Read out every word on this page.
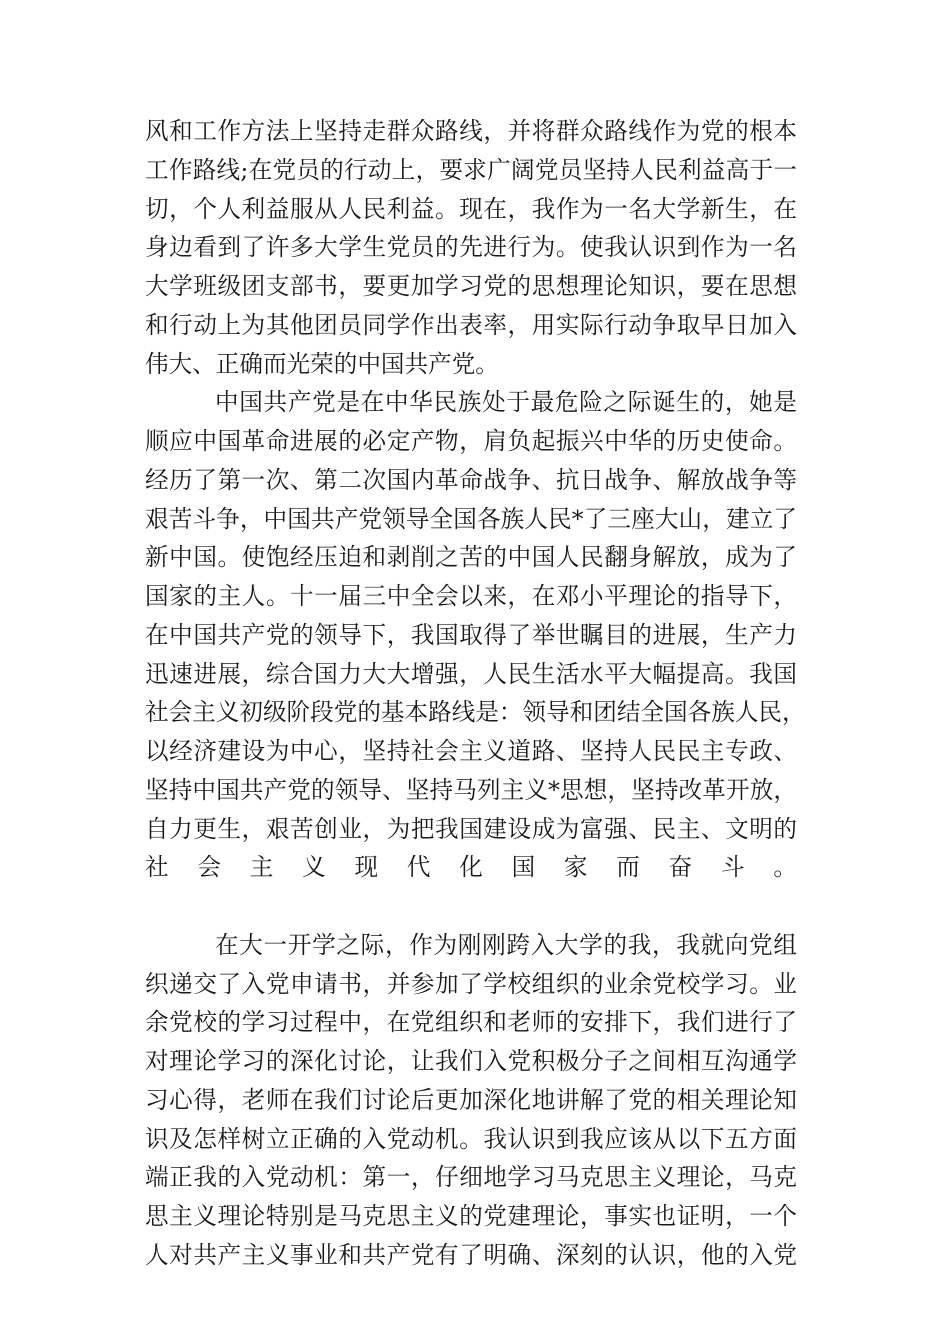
风和工作方法上坚持走群众路线，并将群众路线作为党的根本
工作路线;在党员的行动上，要求广阔党员坚持人民利益高于一
切，个人利益服从人民利益。现在，我作为一名大学新生，在
身边看到了许多大学生党员的先进行为。使我认识到作为一名
大学班级团支部书，要更加学习党的思想理论知识，要在思想
和行动上为其他团员同学作出表率，用实际行动争取早日加入
伟大、正确而光荣的中国共产党。
中国共产党是在中华民族处于最危险之际诞生的，她是
顺应中国革命进展的必定产物，肩负起振兴中华的历史使命。
经历了第一次、第二次国内革命战争、抗日战争、解放战争等
艰苦斗争，中国共产党领导全国各族人民*了三座大山，建立了
新中国。使饱经压迫和剥削之苦的中国人民翻身解放，成为了
国家的主人。十一届三中全会以来，在邓小平理论的指导下，
在中国共产党的领导下，我国取得了举世瞩目的进展，生产力
迅速进展，综合国力大大增强，人民生活水平大幅提高。我国
社会主义初级阶段党的基本路线是：领导和团结全国各族人民，
以经济建设为中心，坚持社会主义道路、坚持人民民主专政、
坚持中国共产党的领导、坚持马列主义*思想，坚持改革开放，
自力更生，艰苦创业，为把我国建设成为富强、民主、文明的
社会主义现代化国家而奋斗。
在大一开学之际，作为刚刚跨入大学的我，我就向党组
织递交了入党申请书，并参加了学校组织的业余党校学习。业
余党校的学习过程中，在党组织和老师的安排下，我们进行了
对理论学习的深化讨论，让我们入党积极分子之间相互沟通学
习心得，老师在我们讨论后更加深化地讲解了党的相关理论知
识及怎样树立正确的入党动机。我认识到我应该从以下五方面
端正我的入党动机：第一，仔细地学习马克思主义理论，马克
思主义理论特别是马克思主义的党建理论，事实也证明，一个
人对共产主义事业和共产党有了明确、深刻的认识，他的入党
